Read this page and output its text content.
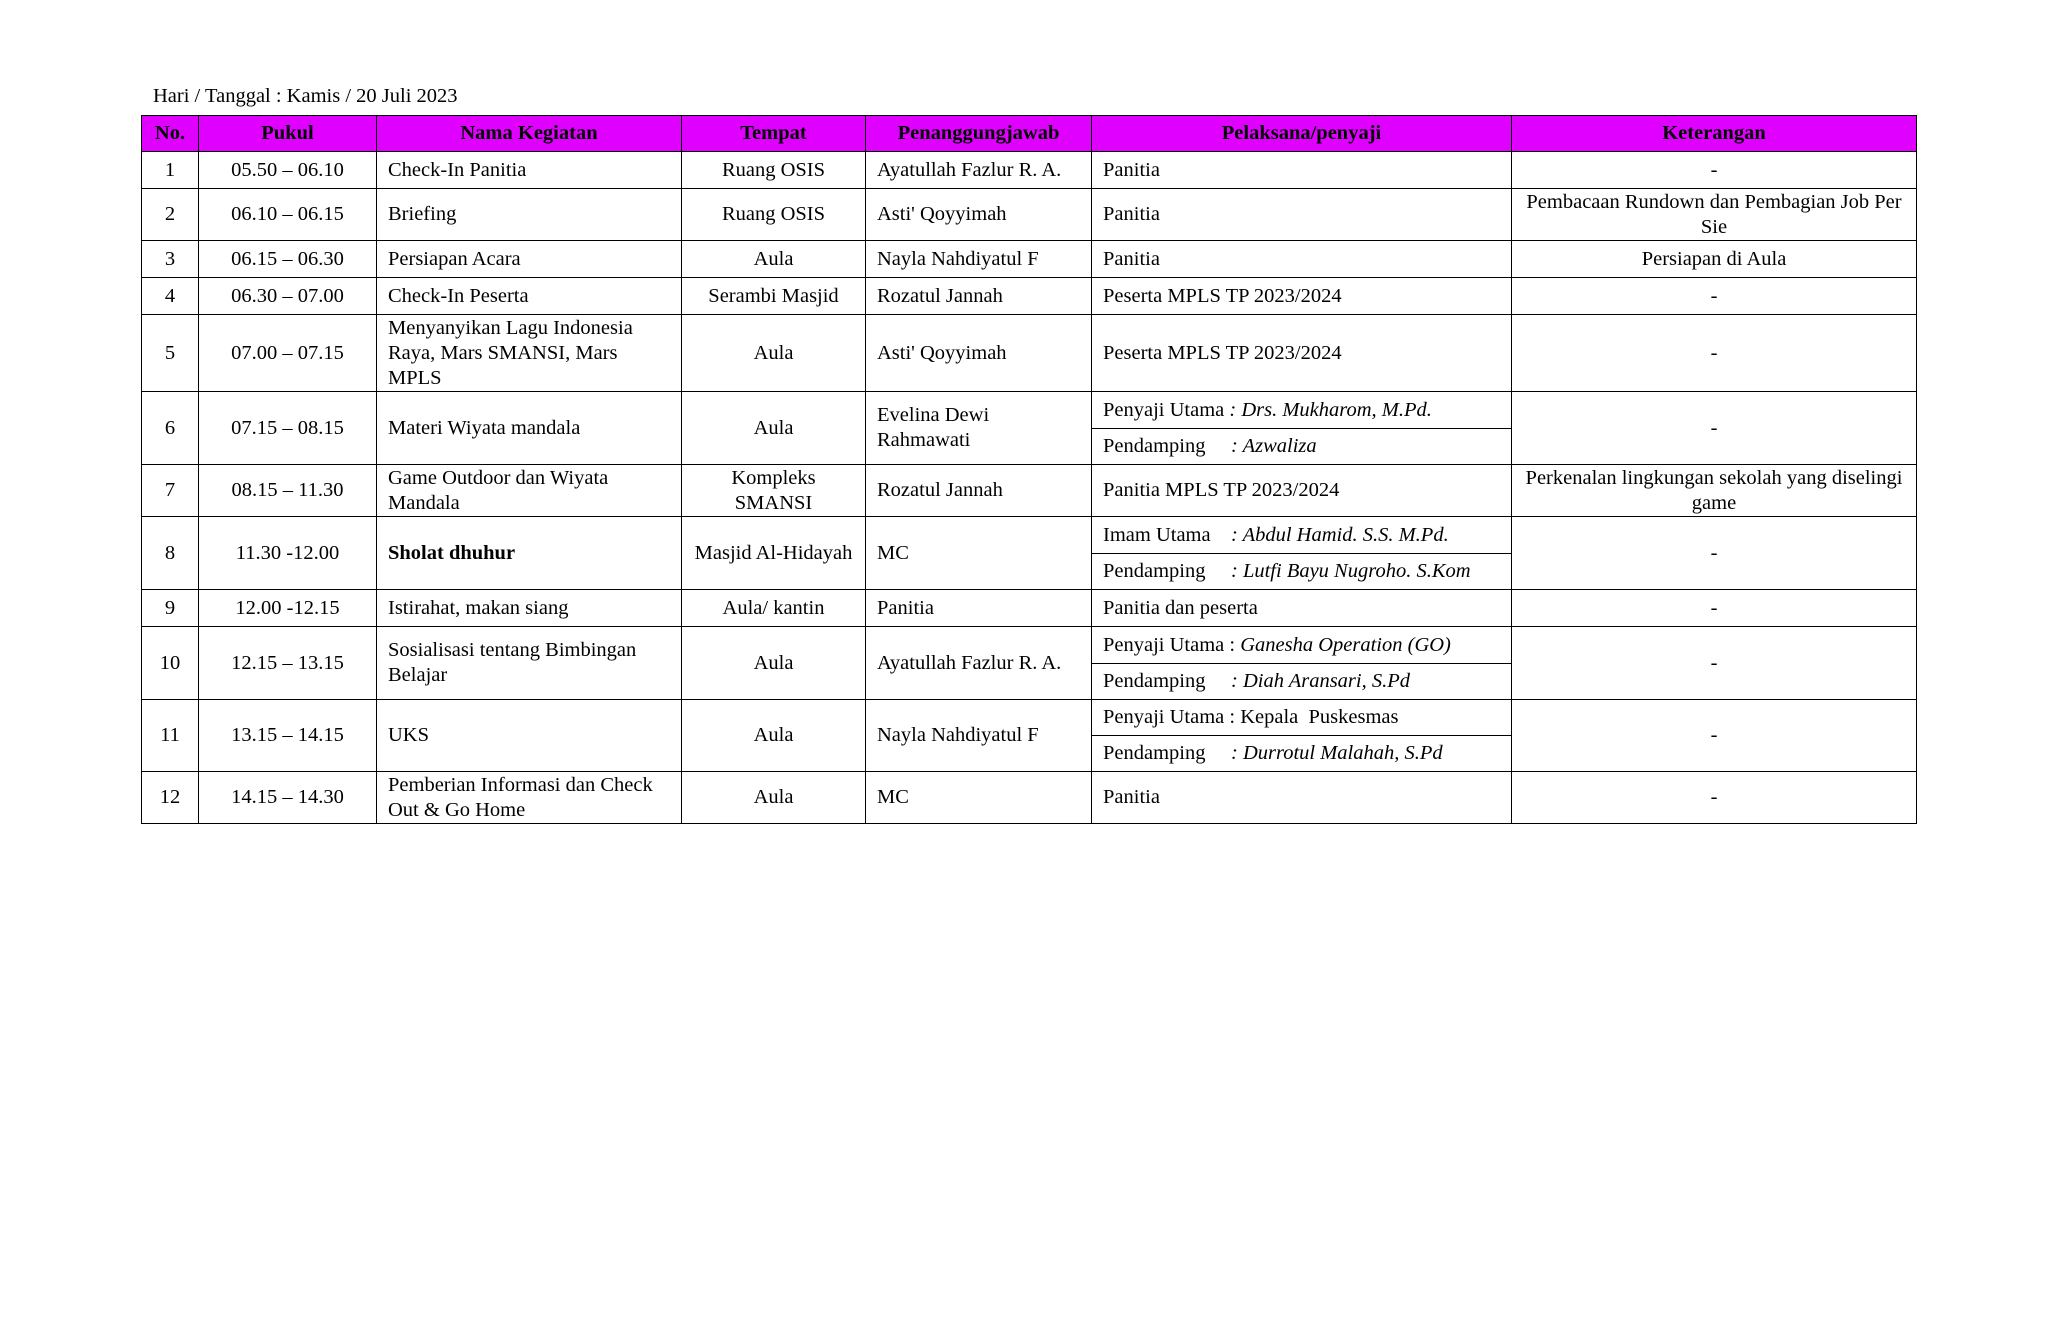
Hari / Tanggal : Kamis / 20 Juli 2023
No.	Pukul	Nama Kegiatan	Tempat	Penanggungjawab	Pelaksana/penyaji	Keterangan
1	05.50 – 06.10	Check-In Panitia	Ruang OSIS	Ayatullah Fazlur R. A.	Panitia	-
2	06.10 – 06.15	Briefing	Ruang OSIS	Asti' Qoyyimah	Panitia	Pembacaan Rundown dan Pembagian Job Per Sie
3	06.15 – 06.30	Persiapan Acara	Aula	Nayla Nahdiyatul F	Panitia	Persiapan di Aula
4	06.30 – 07.00	Check-In Peserta	Serambi Masjid	Rozatul Jannah	Peserta MPLS TP 2023/2024	-
5	07.00 – 07.15	Menyanyikan Lagu Indonesia Raya, Mars SMANSI, Mars MPLS	Aula	Asti' Qoyyimah	Peserta MPLS TP 2023/2024	-
6	07.15 – 08.15	Materi Wiyata mandala	Aula	Evelina Dewi Rahmawati	Penyaji Utama : Drs. Mukharom, M.Pd.	-
					Pendamping : Azwaliza	
7	08.15 – 11.30	Game Outdoor dan Wiyata Mandala	Kompleks SMANSI	Rozatul Jannah	Panitia MPLS TP 2023/2024	Perkenalan lingkungan sekolah yang diselingi game
8	11.30 -12.00	Sholat dhuhur	Masjid Al-Hidayah	MC	Imam Utama : Abdul Hamid. S.S. M.Pd.	-
					Pendamping : Lutfi Bayu Nugroho. S.Kom	
9	12.00 -12.15	Istirahat, makan siang	Aula/ kantin	Panitia	Panitia dan peserta	-
10	12.15 – 13.15	Sosialisasi tentang Bimbingan Belajar	Aula	Ayatullah Fazlur R. A.	Penyaji Utama : Ganesha Operation (GO)	-
					Pendamping : Diah Aransari, S.Pd	
11	13.15 – 14.15	UKS	Aula	Nayla Nahdiyatul F	Penyaji Utama : Kepala  Puskesmas	-
					Pendamping : Durrotul Malahah, S.Pd	
12	14.15 – 14.30	Pemberian Informasi dan Check Out & Go Home	Aula	MC	Panitia	-
